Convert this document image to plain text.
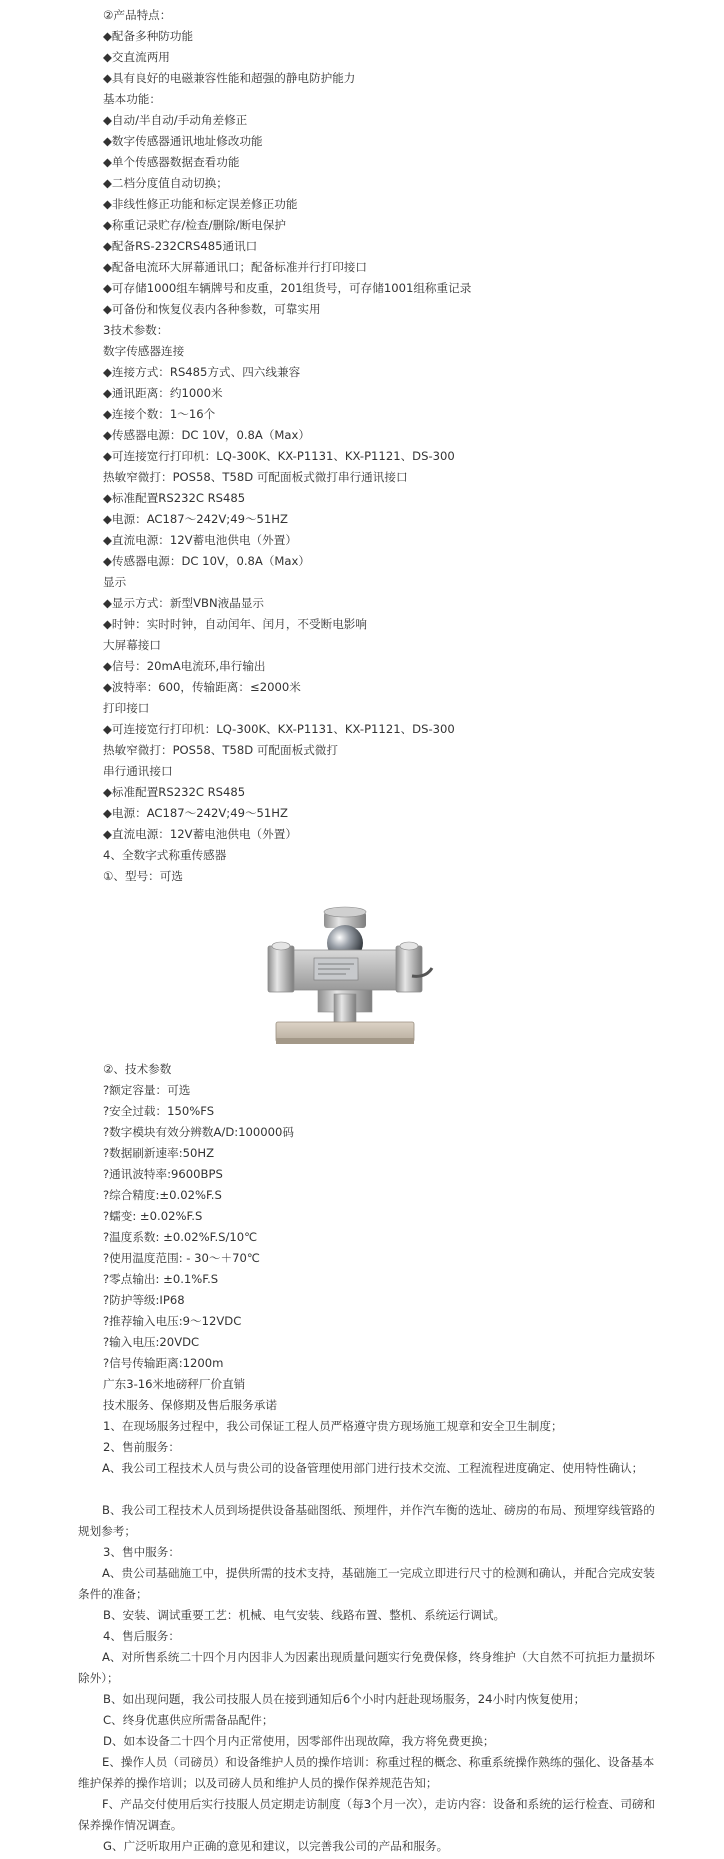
②产品特点：
◆配备多种防功能
◆交直流两用
◆具有良好的电磁兼容性能和超强的静电防护能力
基本功能：
◆自动/半自动/手动角差修正
◆数字传感器通讯地址修改功能
◆单个传感器数据查看功能
◆二档分度值自动切换；
◆非线性修正功能和标定误差修正功能
◆称重记录贮存/检查/删除/断电保护
◆配备RS-232CRS485通讯口
◆配备电流环大屏幕通讯口；配备标准并行打印接口
◆可存储1000组车辆牌号和皮重，201组货号，可存储1001组称重记录
◆可备份和恢复仪表内各种参数，可靠实用
3技术参数：
数字传感器连接
◆连接方式：RS485方式、四六线兼容
◆通讯距离：约1000米
◆连接个数：1～16个
◆传感器电源：DC 10V，0.8A（Max）
◆可连接宽行打印机：LQ-300K、KX-P1131、KX-P1121、DS-300
热敏窄微打：POS58、T58D 可配面板式微打串行通讯接口
◆标准配置RS232C RS485
◆电源：AC187～242V;49～51HZ
◆直流电源：12V蓄电池供电（外置）
◆传感器电源：DC 10V，0.8A（Max）
显示
◆显示方式：新型VBN液晶显示
◆时钟：实时时钟，自动闰年、闰月，不受断电影响
大屏幕接口
◆信号：20mA电流环,串行输出
◆波特率：600，传输距离：≤2000米
打印接口
◆可连接宽行打印机：LQ-300K、KX-P1131、KX-P1121、DS-300
热敏窄微打：POS58、T58D 可配面板式微打
串行通讯接口
◆标准配置RS232C RS485
◆电源：AC187～242V;49～51HZ
◆直流电源：12V蓄电池供电（外置）
4、全数字式称重传感器
①、型号：可选
②、技术参数
?额定容量：可选
?安全过载：150%FS
?数字模块有效分辨数A/D:100000码
?数据刷新速率:50HZ
?通讯波特率:9600BPS
?综合精度:±0.02%F.S
?蠕变: ±0.02%F.S
?温度系数: ±0.02%F.S/10℃
?使用温度范围: - 30～＋70℃
?零点输出: ±0.1%F.S
?防护等级:IP68
?推荐输入电压:9～12VDC
?输入电压:20VDC
?信号传输距离:1200m
广东3-16米地磅秤厂价直销
技术服务、保修期及售后服务承诺
1、在现场服务过程中，我公司保证工程人员严格遵守贵方现场施工规章和安全卫生制度；
2、售前服务：
A、我公司工程技术人员与贵公司的设备管理使用部门进行技术交流、工程流程进度确定、使用特性确认；
B、我公司工程技术人员到场提供设备基础图纸、预埋件，并作汽车衡的选址、磅房的布局、预埋穿线管路的规划参考；
3、售中服务：
A、贵公司基础施工中，提供所需的技术支持，基础施工一完成立即进行尺寸的检测和确认，并配合完成安装条件的准备；
B、安装、调试重要工艺：机械、电气安装、线路布置、整机、系统运行调试。
4、售后服务：
A、对所售系统二十四个月内因非人为因素出现质量问题实行免费保修，终身维护（大自然不可抗拒力量损坏除外）；
B、如出现问题，我公司技服人员在接到通知后6个小时内赶赴现场服务，24小时内恢复使用；
C、终身优惠供应所需备品配件；
D、如本设备二十四个月内正常使用，因零部件出现故障，我方将免费更换；
E、操作人员（司磅员）和设备维护人员的操作培训：称重过程的概念、称重系统操作熟练的强化、设备基本维护保养的操作培训；以及司磅人员和维护人员的操作保养规范告知；
F、产品交付使用后实行技服人员定期走访制度（每3个月一次），走访内容：设备和系统的运行检查、司磅和保养操作情况调查。
G、广泛听取用户正确的意见和建议，以完善我公司的产品和服务。
